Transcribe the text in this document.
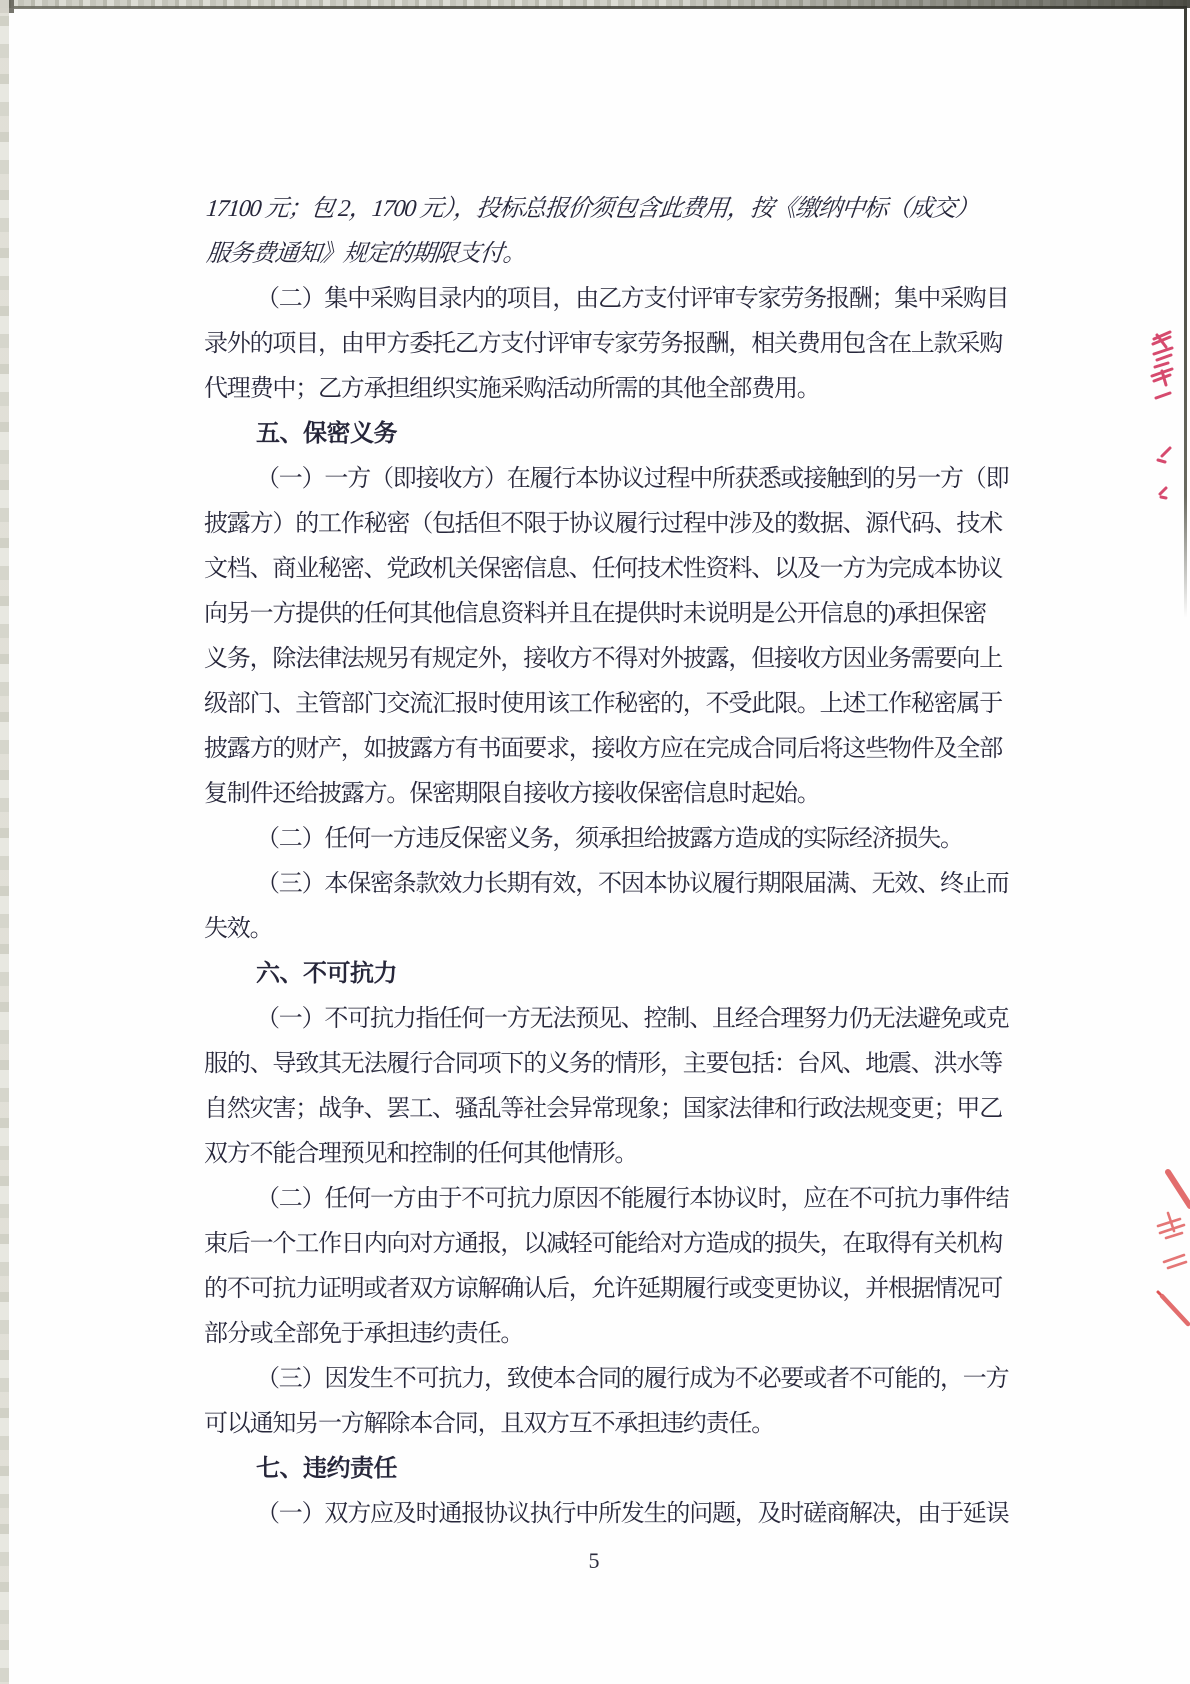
17100 元；包 2，1700 元），投标总报价须包含此费用，按《缴纳中标（成交）
服务费通知》规定的期限支付。
（二）集中采购目录内的项目，由乙方支付评审专家劳务报酬；集中采购目
录外的项目，由甲方委托乙方支付评审专家劳务报酬，相关费用包含在上款采购
代理费中；乙方承担组织实施采购活动所需的其他全部费用。
五、保密义务
（一）一方（即接收方）在履行本协议过程中所获悉或接触到的另一方（即
披露方）的工作秘密（包括但不限于协议履行过程中涉及的数据、源代码、技术
文档、商业秘密、党政机关保密信息、任何技术性资料、以及一方为完成本协议
向另一方提供的任何其他信息资料并且在提供时未说明是公开信息的)承担保密
义务，除法律法规另有规定外，接收方不得对外披露，但接收方因业务需要向上
级部门、主管部门交流汇报时使用该工作秘密的，不受此限。上述工作秘密属于
披露方的财产，如披露方有书面要求，接收方应在完成合同后将这些物件及全部
复制件还给披露方。保密期限自接收方接收保密信息时起始。
（二）任何一方违反保密义务，须承担给披露方造成的实际经济损失。
（三）本保密条款效力长期有效，不因本协议履行期限届满、无效、终止而
失效。
六、不可抗力
（一）不可抗力指任何一方无法预见、控制、且经合理努力仍无法避免或克
服的、导致其无法履行合同项下的义务的情形，主要包括：台风、地震、洪水等
自然灾害；战争、罢工、骚乱等社会异常现象；国家法律和行政法规变更；甲乙
双方不能合理预见和控制的任何其他情形。
（二）任何一方由于不可抗力原因不能履行本协议时，应在不可抗力事件结
束后一个工作日内向对方通报，以减轻可能给对方造成的损失，在取得有关机构
的不可抗力证明或者双方谅解确认后，允许延期履行或变更协议，并根据情况可
部分或全部免于承担违约责任。
（三）因发生不可抗力，致使本合同的履行成为不必要或者不可能的，一方
可以通知另一方解除本合同，且双方互不承担违约责任。
七、违约责任
（一）双方应及时通报协议执行中所发生的问题，及时磋商解决，由于延误
5
